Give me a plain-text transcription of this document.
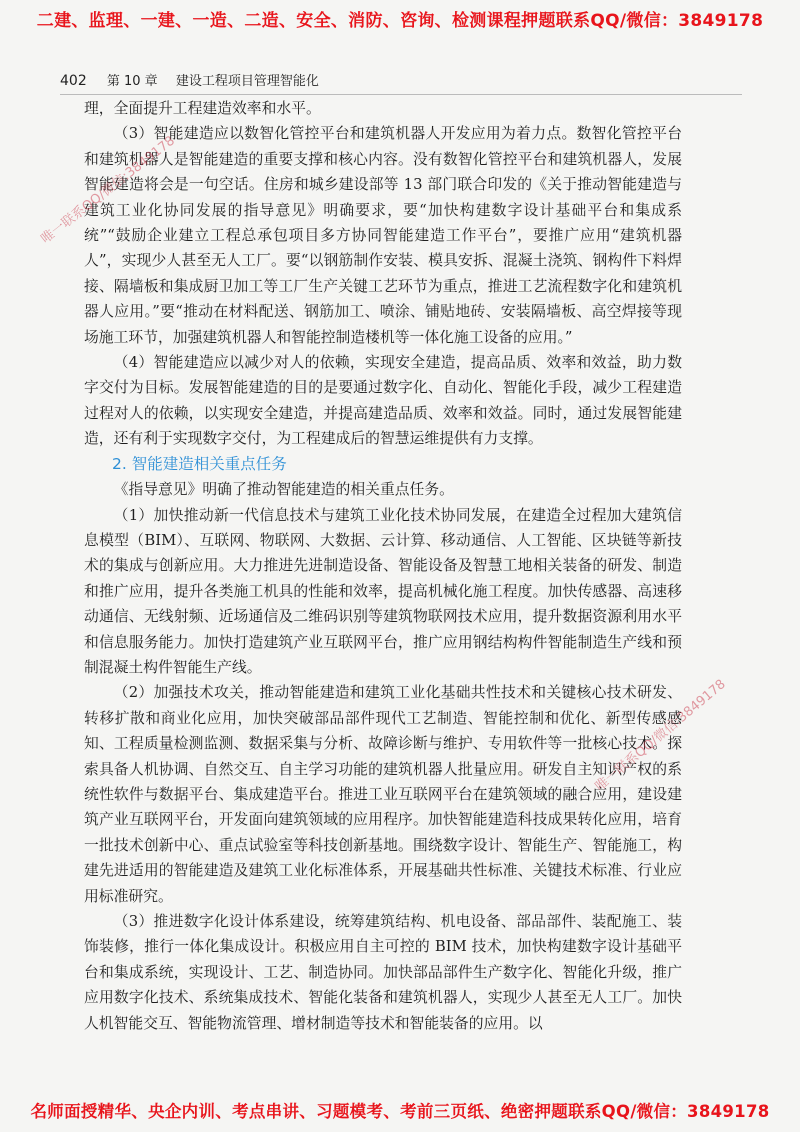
二建、监理、一建、一造、二造、安全、消防、咨询、检测课程押题联系QQ/微信：3849178
402 第 10 章 建设工程项目管理智能化

理，全面提升工程建造效率和水平。

（3）智能建造应以数智化管控平台和建筑机器人开发应用为着力点。数智化管控平台和建筑机器人是智能建造的重要支撑和核心内容。没有数智化管控平台和建筑机器人，发展智能建造将会是一句空话。住房和城乡建设部等 13 部门联合印发的《关于推动智能建造与建筑工业化协同发展的指导意见》明确要求，要“加快构建数字设计基础平台和集成系统”“鼓励企业建立工程总承包项目多方协同智能建造工作平台”，要推广应用“建筑机器人”，实现少人甚至无人工厂。要“以钢筋制作安装、模具安拆、混凝土浇筑、钢构件下料焊接、隔墙板和集成厨卫加工等工厂生产关键工艺环节为重点，推进工艺流程数字化和建筑机器人应用。”要“推动在材料配送、钢筋加工、喷涂、铺贴地砖、安装隔墙板、高空焊接等现场施工环节，加强建筑机器人和智能控制造楼机等一体化施工设备的应用。”

（4）智能建造应以减少对人的依赖，实现安全建造，提高品质、效率和效益，助力数字交付为目标。发展智能建造的目的是要通过数字化、自动化、智能化手段，减少工程建造过程对人的依赖，以实现安全建造，并提高建造品质、效率和效益。同时，通过发展智能建造，还有利于实现数字交付，为工程建成后的智慧运维提供有力支撑。

2. 智能建造相关重点任务

《指导意见》明确了推动智能建造的相关重点任务。

（1）加快推动新一代信息技术与建筑工业化技术协同发展，在建造全过程加大建筑信息模型（BIM）、互联网、物联网、大数据、云计算、移动通信、人工智能、区块链等新技术的集成与创新应用。大力推进先进制造设备、智能设备及智慧工地相关装备的研发、制造和推广应用，提升各类施工机具的性能和效率，提高机械化施工程度。加快传感器、高速移动通信、无线射频、近场通信及二维码识别等建筑物联网技术应用，提升数据资源利用水平和信息服务能力。加快打造建筑产业互联网平台，推广应用钢结构构件智能制造生产线和预制混凝土构件智能生产线。

（2）加强技术攻关，推动智能建造和建筑工业化基础共性技术和关键核心技术研发、转移扩散和商业化应用，加快突破部品部件现代工艺制造、智能控制和优化、新型传感感知、工程质量检测监测、数据采集与分析、故障诊断与维护、专用软件等一批核心技术。探索具备人机协调、自然交互、自主学习功能的建筑机器人批量应用。研发自主知识产权的系统性软件与数据平台、集成建造平台。推进工业互联网平台在建筑领域的融合应用，建设建筑产业互联网平台，开发面向建筑领域的应用程序。加快智能建造科技成果转化应用，培育一批技术创新中心、重点试验室等科技创新基地。围绕数字设计、智能生产、智能施工，构建先进适用的智能建造及建筑工业化标准体系，开展基础共性标准、关键技术标准、行业应用标准研究。

（3）推进数字化设计体系建设，统筹建筑结构、机电设备、部品部件、装配施工、装饰装修，推行一体化集成设计。积极应用自主可控的 BIM 技术，加快构建数字设计基础平台和集成系统，实现设计、工艺、制造协同。加快部品部件生产数字化、智能化升级，推广应用数字化技术、系统集成技术、智能化装备和建筑机器人，实现少人甚至无人工厂。加快人机智能交互、智能物流管理、增材制造等技术和智能装备的应用。以

唯一联系QQ/微信:3849178
唯一联系QQ/微信:3849178
名师面授精华、央企内训、考点串讲、习题模考、考前三页纸、绝密押题联系QQ/微信：3849178
